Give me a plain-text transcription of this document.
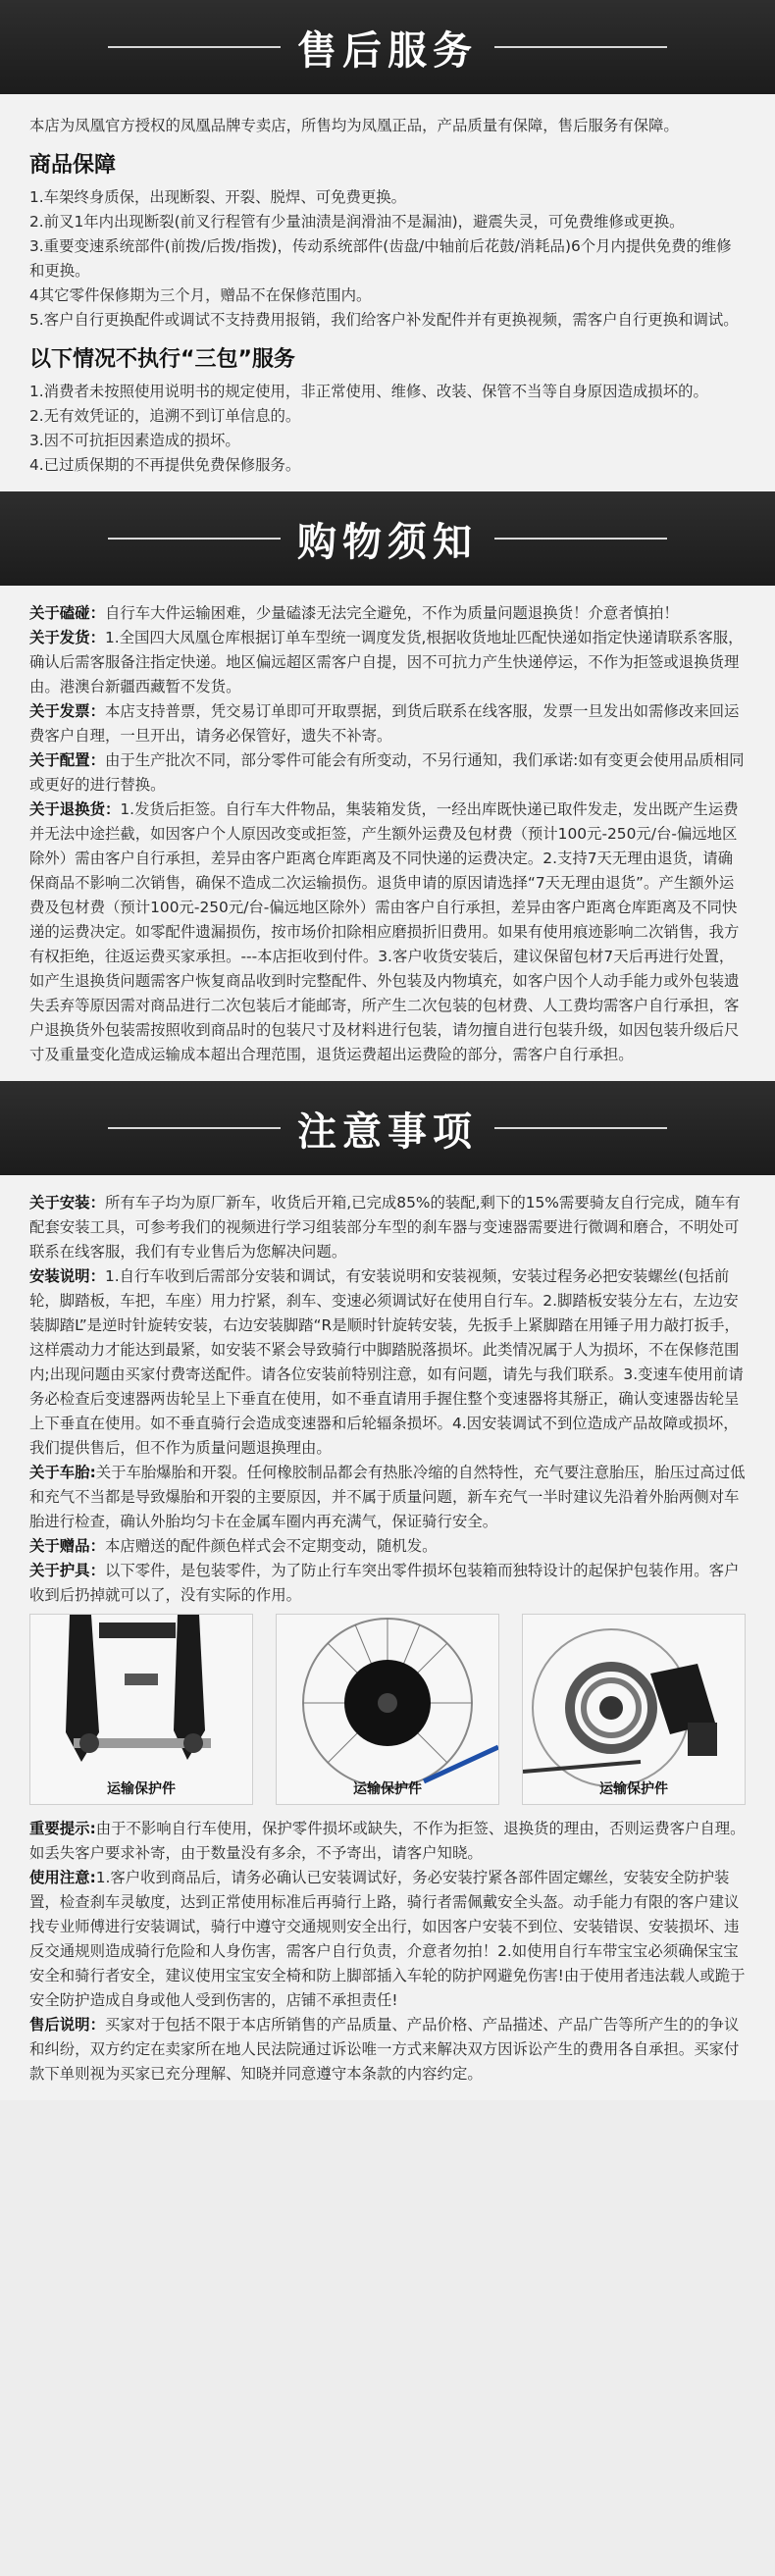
售后服务

本店为凤凰官方授权的凤凰品牌专卖店，所售均为凤凰正品，产品质量有保障，售后服务有保障。

商品保障

1.车架终身质保，出现断裂、开裂、脱焊、可免费更换。

2.前叉1年内出现断裂(前叉行程管有少量油渍是润滑油不是漏油)，避震失灵，可免费维修或更换。

3.重要变速系统部件(前拨/后拨/指拨)，传动系统部件(齿盘/中轴前后花鼓/消耗品)6个月内提供免费的维修和更换。

4其它零件保修期为三个月，赠品不在保修范围内。

5.客户自行更换配件或调试不支持费用报销，我们给客户补发配件并有更换视频，需客户自行更换和调试。

以下情况不执行“三包”服务

1.消费者未按照使用说明书的规定使用，非正常使用、维修、改装、保管不当等自身原因造成损坏的。

2.无有效凭证的，追溯不到订单信息的。

3.因不可抗拒因素造成的损坏。

4.已过质保期的不再提供免费保修服务。

购物须知

关于磕碰：自行车大件运输困难，少量磕漆无法完全避免，不作为质量问题退换货！介意者慎拍！

关于发货：1.全国四大凤凰仓库根据订单车型统一调度发货,根据收货地址匹配快递如指定快递请联系客服，确认后需客服备注指定快递。地区偏远超区需客户自提，因不可抗力产生快递停运，不作为拒签或退换货理由。港澳台新疆西藏暂不发货。

关于发票：本店支持普票，凭交易订单即可开取票据，到货后联系在线客服，发票一旦发出如需修改来回运费客户自理，一旦开出，请务必保管好，遗失不补寄。

关于配置：由于生产批次不同，部分零件可能会有所变动，不另行通知，我们承诺:如有变更会使用品质相同或更好的进行替换。

关于退换货：1.发货后拒签。自行车大件物品，集装箱发货，一经出库既快递已取件发走，发出既产生运费并无法中途拦截，如因客户个人原因改变或拒签，产生额外运费及包材费（预计100元-250元/台-偏远地区除外）需由客户自行承担，差异由客户距离仓库距离及不同快递的运费决定。2.支持7天无理由退货，请确保商品不影响二次销售，确保不造成二次运输损伤。退货申请的原因请选择“7天无理由退货”。产生额外运费及包材费（预计100元-250元/台-偏远地区除外）需由客户自行承担，差异由客户距离仓库距离及不同快递的运费决定。如零配件遗漏损伤，按市场价扣除相应磨损折旧费用。如果有使用痕迹影响二次销售，我方有权拒绝，往返运费买家承担。---本店拒收到付件。3.客户收货安装后，建议保留包材7天后再进行处置，如产生退换货问题需客户恢复商品收到时完整配件、外包装及内物填充，如客户因个人动手能力或外包装遗失丢弃等原因需对商品进行二次包装后才能邮寄，所产生二次包装的包材费、人工费均需客户自行承担，客户退换货外包装需按照收到商品时的包装尺寸及材料进行包装，请勿擅自进行包装升级，如因包装升级后尺寸及重量变化造成运输成本超出合理范围，退货运费超出运费险的部分，需客户自行承担。

注意事项

关于安装：所有车子均为原厂新车，收货后开箱,已完成85%的装配,剩下的15%需要骑友自行完成，随车有配套安装工具，可参考我们的视频进行学习组装部分车型的刹车器与变速器需要进行微调和磨合，不明处可联系在线客服，我们有专业售后为您解决问题。

安装说明：1.自行车收到后需部分安装和调试，有安装说明和安装视频，安装过程务必把安装螺丝(包括前轮，脚踏板，车把，车座）用力拧紧，刹车、变速必须调试好在使用自行车。2.脚踏板安装分左右，左边安装脚踏L”是逆时针旋转安装，右边安装脚踏“R是顺时针旋转安装，先扳手上紧脚踏在用锤子用力敲打扳手，这样震动力才能达到最紧，如安装不紧会导致骑行中脚踏脱落损坏。此类情况属于人为损坏，不在保修范围内;出现问题由买家付费寄送配件。请各位安装前特别注意，如有问题，请先与我们联系。3.变速车使用前请务必检查后变速器两齿轮呈上下垂直在使用，如不垂直请用手握住整个变速器将其掰正，确认变速器齿轮呈上下垂直在使用。如不垂直骑行会造成变速器和后轮辐条损坏。4.因安装调试不到位造成产品故障或损坏，我们提供售后，但不作为质量问题退换理由。

关于车胎:关于车胎爆胎和开裂。任何橡胶制品都会有热胀冷缩的自然特性，充气要注意胎压，胎压过高过低和充气不当都是导致爆胎和开裂的主要原因，并不属于质量问题，新车充气一半时建议先沿着外胎两侧对车胎进行检查，确认外胎均匀卡在金属车圈内再充满气，保证骑行安全。

关于赠品：本店赠送的配件颜色样式会不定期变动，随机发。

关于护具：以下零件，是包装零件，为了防止行车突出零件损坏包装箱而独特设计的起保护包装作用。客户收到后扔掉就可以了，没有实际的作用。

运输保护件	运输保护件	运输保护件

重要提示:由于不影响自行车使用，保护零件损坏或缺失，不作为拒签、退换货的理由，否则运费客户自理。如丢失客户要求补寄，由于数量没有多余，不予寄出，请客户知晓。

使用注意:1.客户收到商品后，请务必确认已安装调试好，务必安装拧紧各部件固定螺丝，安装安全防护装置，检查刹车灵敏度，达到正常使用标准后再骑行上路，骑行者需佩戴安全头盔。动手能力有限的客户建议找专业师傅进行安装调试，骑行中遵守交通规则安全出行，如因客户安装不到位、安装错误、安装损坏、违反交通规则造成骑行危险和人身伤害，需客户自行负责，介意者勿拍！2.如使用自行车带宝宝必须确保宝宝安全和骑行者安全，建议使用宝宝安全椅和防上脚部插入车轮的防护网避免伤害!由于使用者违法载人或跪于安全防护造成自身或他人受到伤害的，店铺不承担责任!

售后说明：买家对于包括不限于本店所销售的产品质量、产品价格、产品描述、产品广告等所产生的的争议和纠纷，双方约定在卖家所在地人民法院通过诉讼唯一方式来解决双方因诉讼产生的费用各自承担。买家付款下单则视为买家已充分理解、知晓并同意遵守本条款的内容约定。
